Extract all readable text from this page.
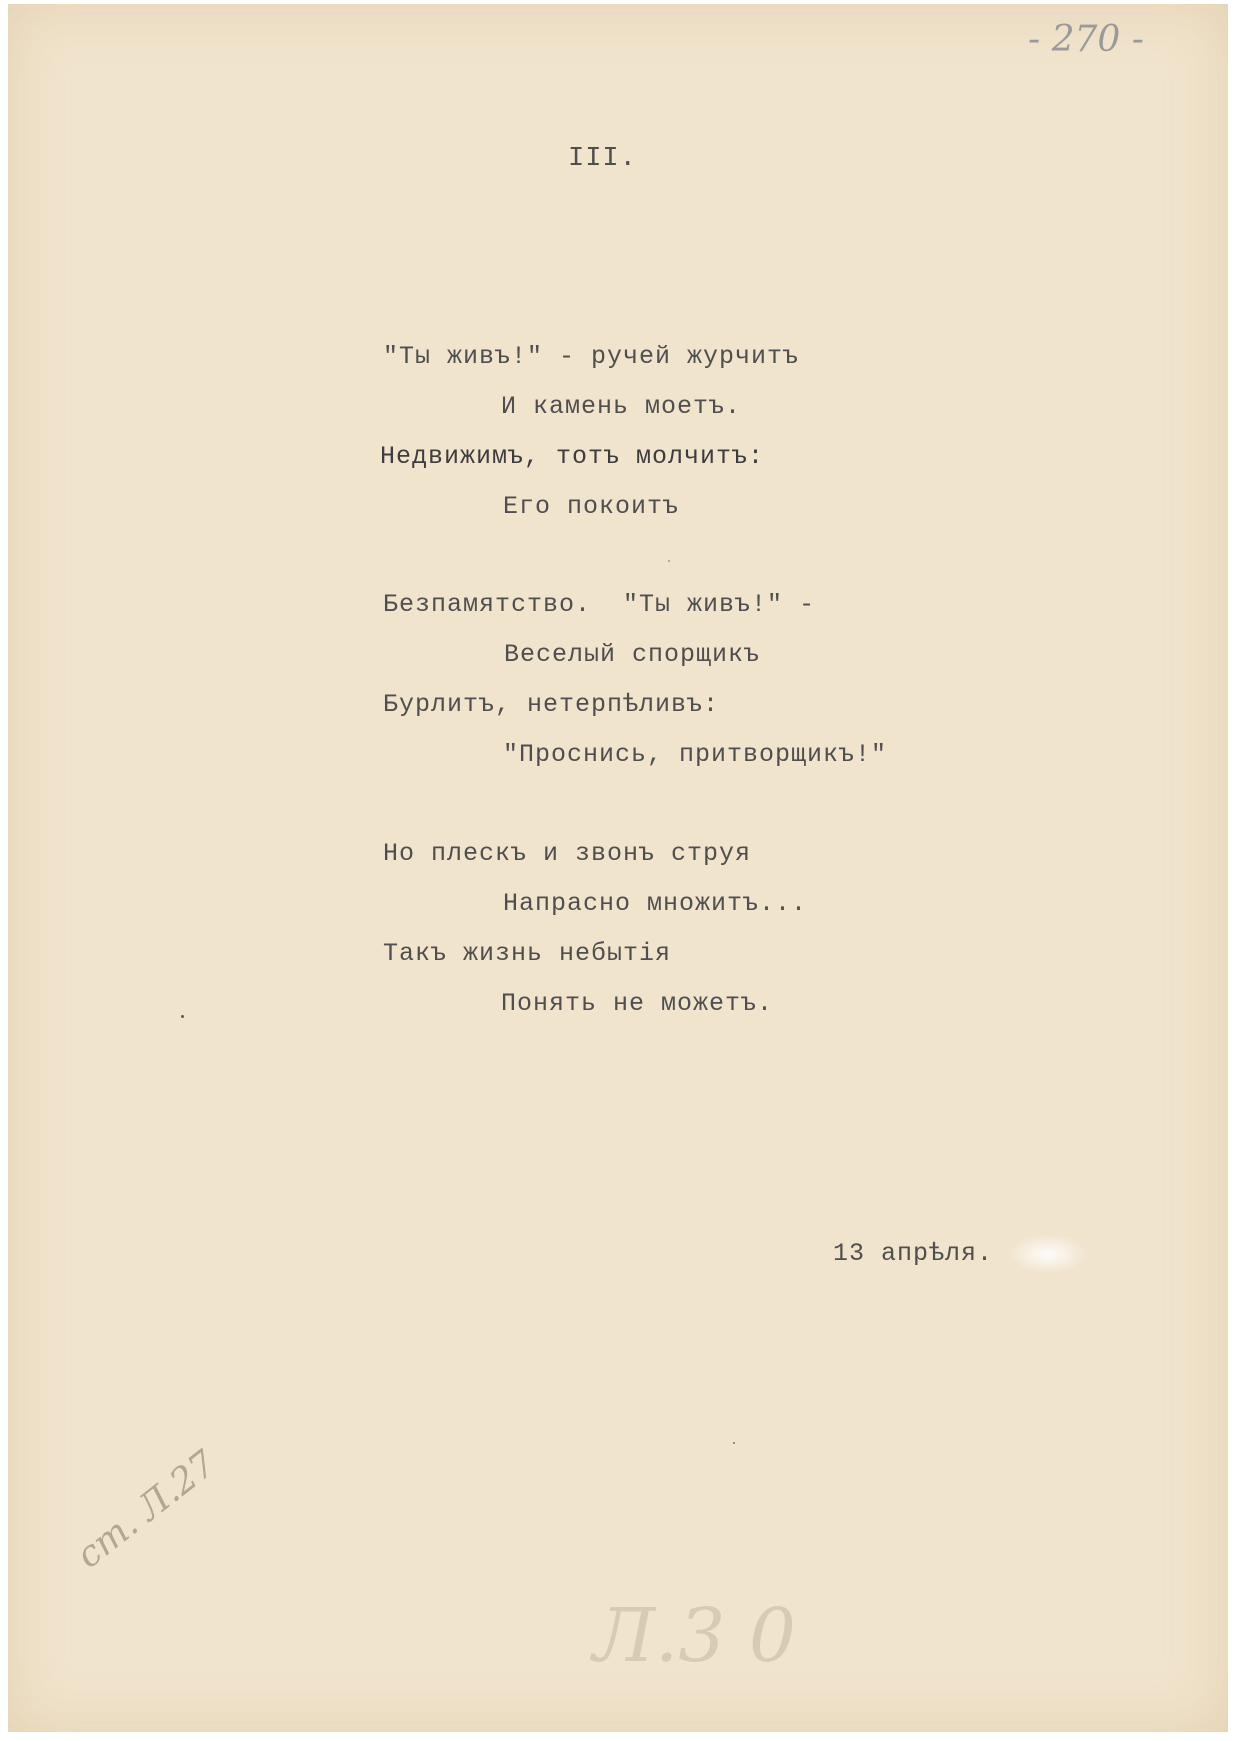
- 270 -
III.
"Ты живъ!" - ручей журчитъ
И камень моетъ.
Недвижимъ, тотъ молчитъ:
Его покоитъ
Безпамятство.  "Ты живъ!" -
Веселый спорщикъ
Бурлитъ, нетерпѣливъ:
"Проснись, притворщикъ!"
Но плескъ и звонъ струя
Напрасно множитъ...
Такъ жизнь небытія
Понять не можетъ.
13 апрѣля.
ст. Л.27
Л.3 0
